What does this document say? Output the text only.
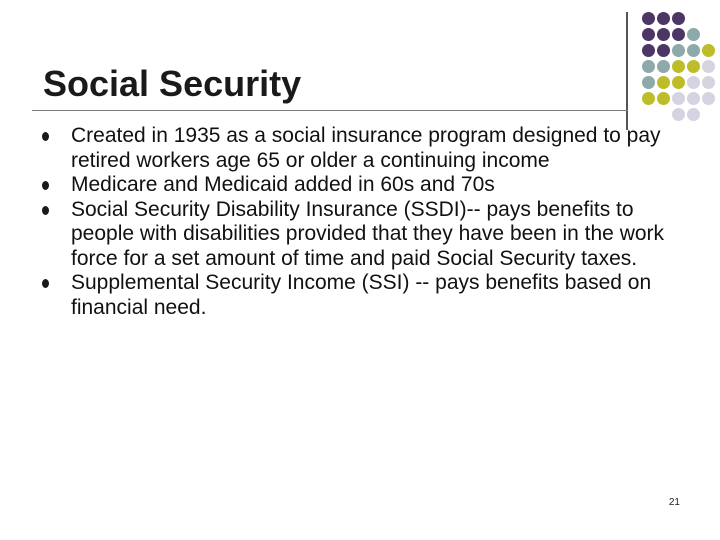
Social Security
Created in 1935 as a social insurance program designed to pay retired workers age 65 or older a continuing income
Medicare and Medicaid added in 60s and 70s
Social Security Disability Insurance (SSDI)-- pays benefits to people with disabilities provided that they have been in the work force for a set amount of time and paid Social Security taxes.
Supplemental Security Income (SSI) -- pays benefits based on financial need.
21
